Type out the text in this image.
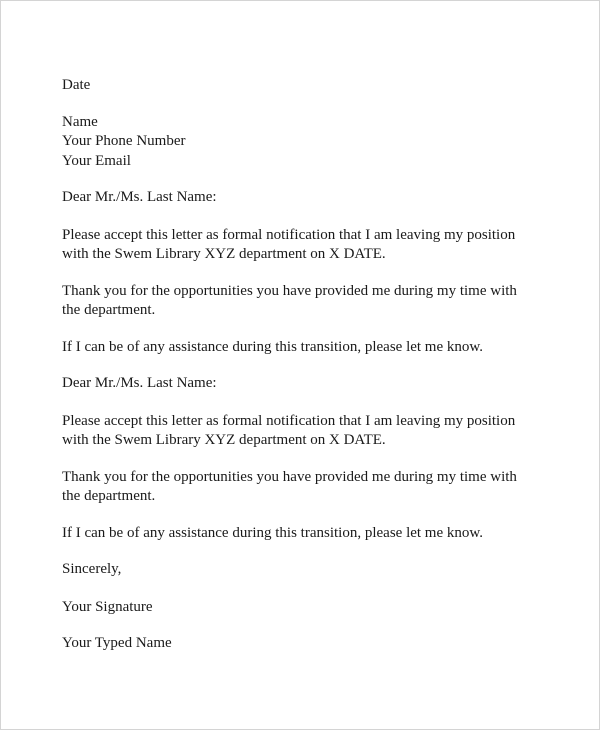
Date
Name
Your Phone Number
Your Email
Dear Mr./Ms. Last Name:
Please accept this letter as formal notification that I am leaving my position
with the Swem Library XYZ department on X DATE.
Thank you for the opportunities you have provided me during my time with
the department.
If I can be of any assistance during this transition, please let me know.
Dear Mr./Ms. Last Name:
Please accept this letter as formal notification that I am leaving my position
with the Swem Library XYZ department on X DATE.
Thank you for the opportunities you have provided me during my time with
the department.
If I can be of any assistance during this transition, please let me know.
Sincerely,
Your Signature
Your Typed Name
